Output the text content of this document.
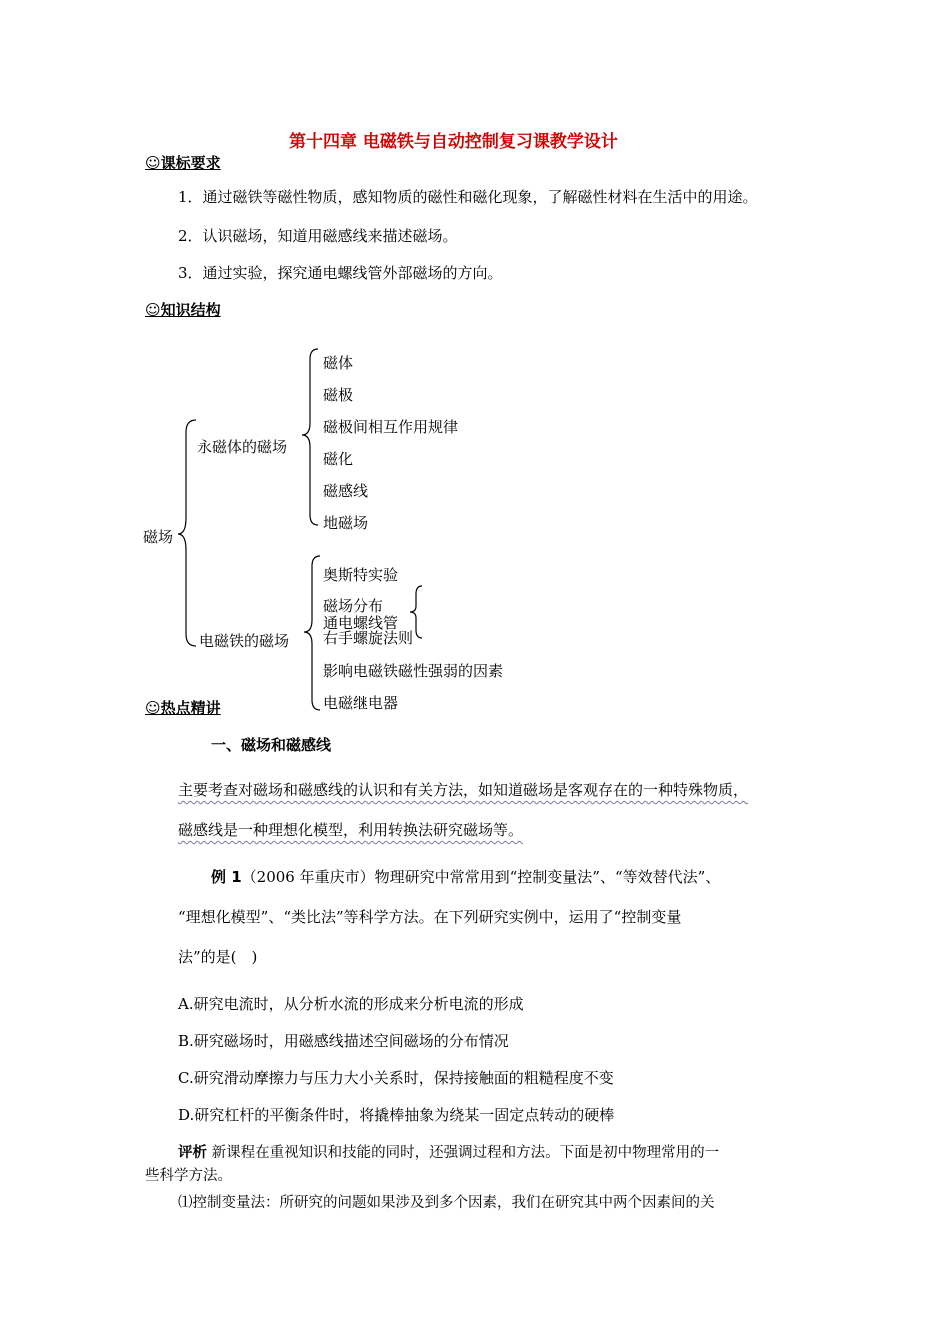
第十四章 电磁铁与自动控制复习课教学设计
☺课标要求
1．通过磁铁等磁性物质，感知物质的磁性和磁化现象，了解磁性材料在生活中的用途。
2．认识磁场，知道用磁感线来描述磁场。
3．通过实验，探究通电螺线管外部磁场的方向。
☺知识结构
磁场
永磁体的磁场
电磁铁的磁场
磁体
磁极
磁极间相互作用规律
磁化
磁感线
地磁场
奥斯特实验
磁场分布
通电螺线管
右手螺旋法则
影响电磁铁磁性强弱的因素
电磁继电器
☺热点精讲
一、磁场和磁感线
主要考查对磁场和磁感线的认识和有关方法，如知道磁场是客观存在的一种特殊物质，
磁感线是一种理想化模型，利用转换法研究磁场等。
例 1（2006 年重庆市）物理研究中常常用到“控制变量法”、“等效替代法”、
“理想化模型”、“类比法”等科学方法。在下列研究实例中，运用了“控制变量
法”的是(　)
A.研究电流时，从分析水流的形成来分析电流的形成
B.研究磁场时，用磁感线描述空间磁场的分布情况
C.研究滑动摩擦力与压力大小关系时，保持接触面的粗糙程度不变
D.研究杠杆的平衡条件时，将撬棒抽象为绕某一固定点转动的硬棒
评析 新课程在重视知识和技能的同时，还强调过程和方法。下面是初中物理常用的一
些科学方法。
⑴控制变量法：所研究的问题如果涉及到多个因素，我们在研究其中两个因素间的关
